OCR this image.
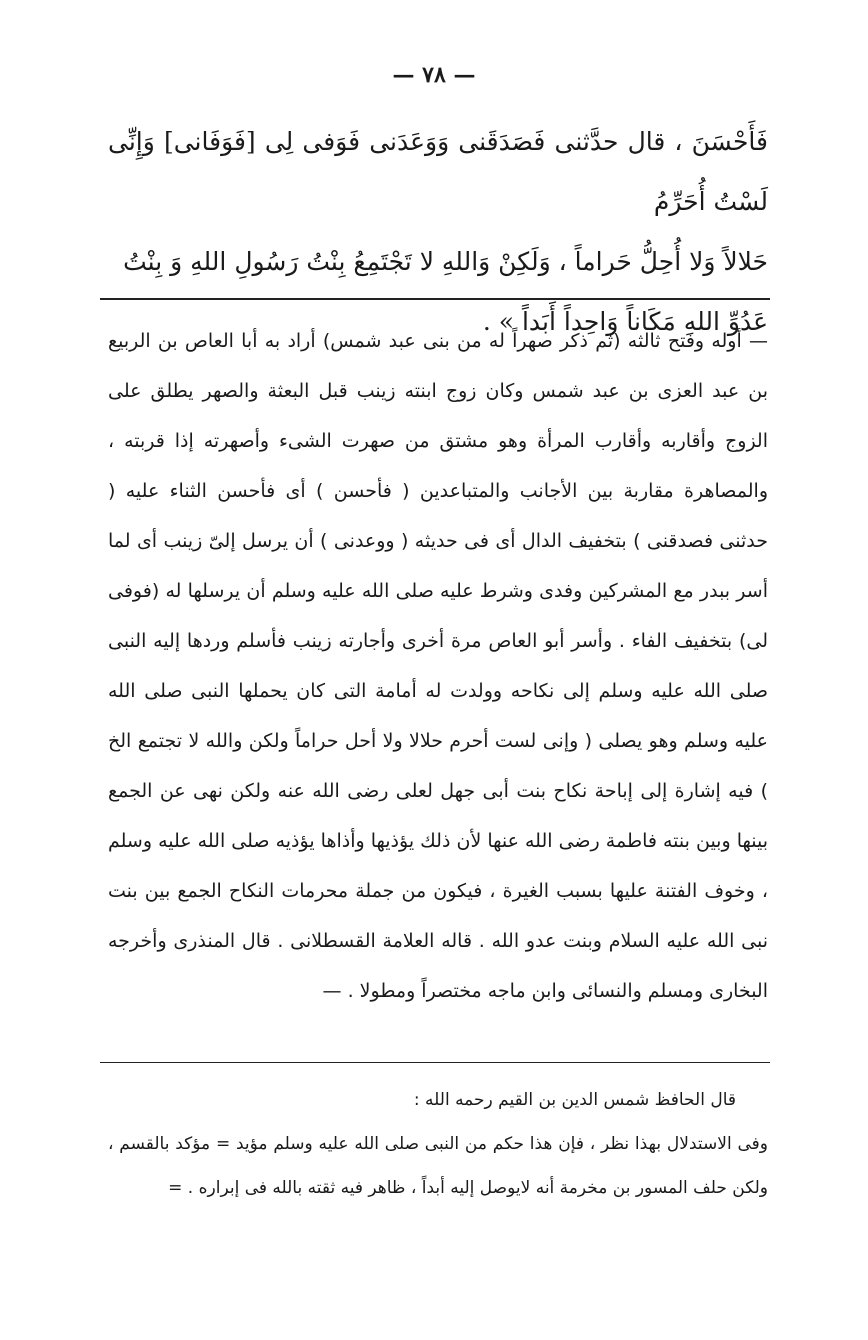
— ٧٨ —
فَأَحْسَنَ ، قال حدَّثنى فَصَدَقَنى وَوَعَدَنى فَوَفى لِى [فَوَفَانى] وَإِنِّى لَسْتُ أُحَرِّمُ
حَلالاً وَلا أُحِلُّ حَراماً ، وَلَكِنْ وَاللهِ لا تَجْتَمِعُ بِنْتُ رَسُولِ اللهِ وَ بِنْتُ
عَدُوِّ اللهِ مَكَاناً وَاحِداً أَبَداً » .
— أوله وفتح ثالثه (ثم ذكر صهراً له من بنى عبد شمس) أراد به أبا العاص بن الربيع بن عبد العزى بن عبد شمس وكان زوج ابنته زينب قبل البعثة والصهر يطلق على الزوج وأقاربه وأقارب المرأة وهو مشتق من صهرت الشىء وأصهرته إذا قربته ، والمصاهرة مقاربة بين الأجانب والمتباعدين ( فأحسن ) أى فأحسن الثناء عليه ( حدثنى فصدقنى ) بتخفيف الدال أى فى حديثه ( ووعدنى ) أن يرسل إلىّ زينب أى لما أسر ببدر مع المشركين وفدى وشرط عليه صلى الله عليه وسلم أن يرسلها له (فوفى لى) بتخفيف الفاء . وأسر أبو العاص مرة أخرى وأجارته زينب فأسلم وردها إليه النبى صلى الله عليه وسلم إلى نكاحه وولدت له أمامة التى كان يحملها النبى صلى الله عليه وسلم وهو يصلى ( وإنى لست أحرم حلالا ولا أحل حراماً ولكن والله لا تجتمع الخ ) فيه إشارة إلى إباحة نكاح بنت أبى جهل لعلى رضى الله عنه ولكن نهى عن الجمع بينها وبين بنته فاطمة رضى الله عنها لأن ذلك يؤذيها وأذاها يؤذيه صلى الله عليه وسلم ، وخوف الفتنة عليها بسبب الغيرة ، فيكون من جملة محرمات النكاح الجمع بين بنت نبى الله عليه السلام وبنت عدو الله . قاله العلامة القسطلانى . قال المنذرى وأخرجه البخارى ومسلم والنسائى وابن ماجه مختصراً ومطولا . —
قال الحافظ شمس الدين بن القيم رحمه الله :
وفى الاستدلال بهذا نظر ، فإن هذا حكم من النبى صلى الله عليه وسلم مؤيد = مؤكد بالقسم ، ولكن حلف المسور بن مخرمة أنه لايوصل إليه أبداً ، ظاهر فيه ثقته بالله فى إبراره . =
